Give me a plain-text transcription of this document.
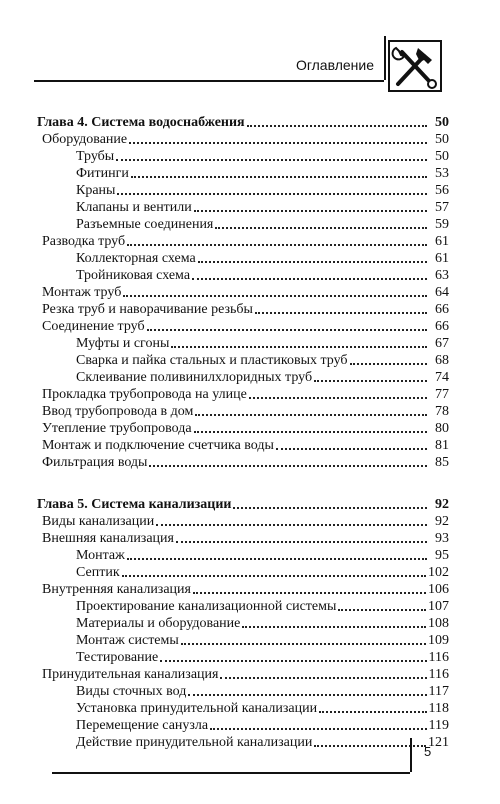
Оглавление
Глава 4. Система водоснабжения	50
Оборудование	50
Трубы	50
Фитинги	53
Краны	56
Клапаны и вентили	57
Разъемные соединения	59
Разводка труб	61
Коллекторная схема	61
Тройниковая схема	63
Монтаж труб	64
Резка труб и наворачивание резьбы	66
Соединение труб	66
Муфты и сгоны	67
Сварка и пайка стальных и пластиковых труб	68
Склеивание поливинилхлоридных труб	74
Прокладка трубопровода на улице	77
Ввод трубопровода в дом	78
Утепление трубопровода	80
Монтаж и подключение счетчика воды	81
Фильтрация воды	85
Глава 5. Система канализации	92
Виды канализации	92
Внешняя канализация	93
Монтаж	95
Септик	102
Внутренняя канализация	106
Проектирование канализационной системы	107
Материалы и оборудование	108
Монтаж системы	109
Тестирование	116
Принудительная канализация	116
Виды сточных вод	117
Установка принудительной канализации	118
Перемещение санузла	119
Действие принудительной канализации	121
5
